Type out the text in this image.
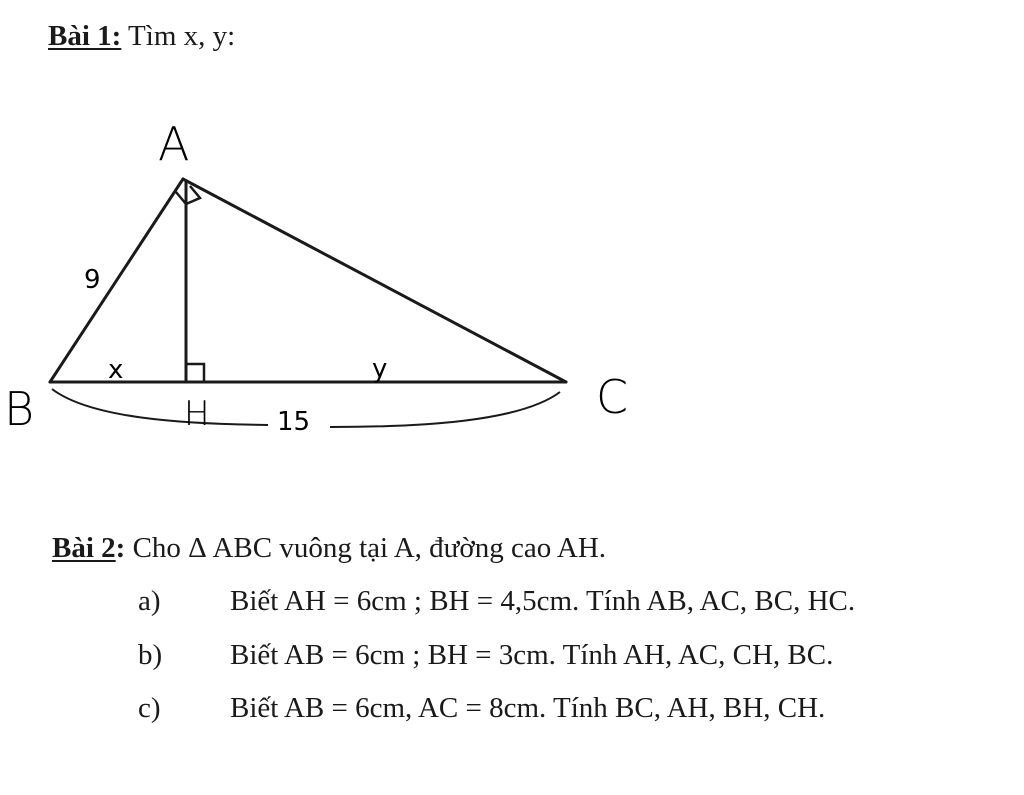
Bài 1: Tìm x, y:
A
B	C
H
9
x	y
15
Bài 2: Cho Δ ABC vuông tại A, đường cao AH.
a) Biết AH = 6cm ; BH = 4,5cm. Tính AB, AC, BC, HC.
b) Biết AB = 6cm ; BH = 3cm. Tính AH, AC, CH, BC.
c) Biết AB = 6cm, AC = 8cm. Tính BC, AH, BH, CH.
